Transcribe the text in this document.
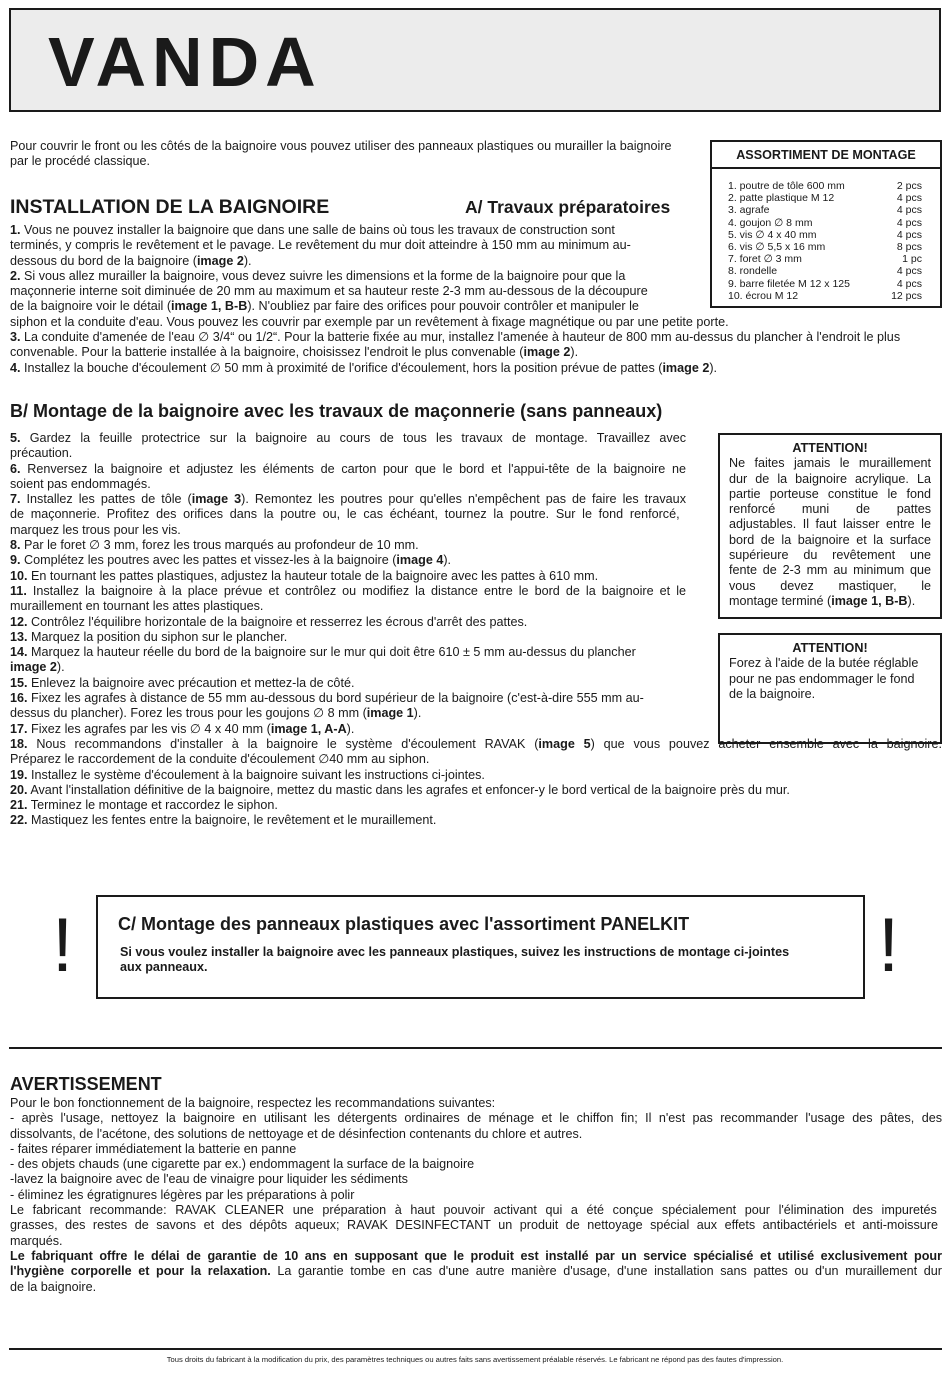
VANDA

Pour couvrir le front ou les côtés de la baignoire vous pouvez utiliser des panneaux plastiques ou murailler la baignoire par le procédé classique.	ASSORTIMENT DE MONTAGE
1. poutre de tôle 600 mm	2 pcs
2. patte plastique M 12	4 pcs
3. agrafe	4 pcs
4. goujon ∅ 8 mm	4 pcs
5. vis ∅ 4 x 40 mm	4 pcs
6. vis ∅ 5,5 x 16 mm	8 pcs
7. foret ∅ 3 mm	1 pc
8. rondelle	4 pcs
9. barre filetée M 12 x 125	4 pcs
10. écrou M 12	12 pcs
INSTALLATION DE LA BAIGNOIRE	A/ Travaux préparatoires
1. Vous ne pouvez installer la baignoire que dans une salle de bains où tous les travaux de construction sont
terminés, y compris le revêtement et le pavage. Le revêtement du mur doit atteindre à 150 mm au minimum au-
dessous du bord de la baignoire (image 2).
2. Si vous allez murailler la baignoire, vous devez suivre les dimensions et la forme de la baignoire pour que la
maçonnerie interne soit diminuée de 20 mm au maximum et sa hauteur reste 2-3 mm au-dessous de la découpure
de la baignoire voir le détail (image 1, B-B). N'oubliez par faire des orifices pour pouvoir contrôler et manipuler le
siphon et la conduite d'eau. Vous pouvez les couvrir par exemple par un revêtement à fixage magnétique ou par une petite porte.
3. La conduite d'amenée de l'eau ∅ 3/4“ ou 1/2“. Pour la batterie fixée au mur, installez l'amenée à hauteur de 800 mm au-dessus du plancher à l'endroit le plus
convenable. Pour la batterie installée à la baignoire, choisissez l'endroit le plus convenable (image 2).
4. Installez la bouche d'écoulement ∅ 50 mm à proximité de l'orifice d'écoulement, hors la position prévue de pattes (image 2).
B/ Montage de la baignoire avec les travaux de maçonnerie (sans panneaux)
5. Gardez la feuille protectrice sur la baignoire au cours de tous les travaux de montage. Travaillez avec
précaution.
6. Renversez la baignoire et adjustez les éléments de carton pour que le bord et l'appui-tête de la baignoire ne
soient pas endommagés.
7. Installez les pattes de tôle (image 3). Remontez les poutres pour qu'elles n'empêchent pas de faire les travaux
de maçonnerie. Profitez des orifices dans la poutre ou, le cas échéant, tournez la poutre. Sur le fond renforcé,
marquez les trous pour les vis.
8. Par le foret ∅ 3 mm, forez les trous marqués au profondeur de 10 mm.
9. Complétez les poutres avec les pattes et vissez-les à la baignoire (image 4).
10. En tournant les pattes plastiques, adjustez la hauteur totale de la baignoire avec les pattes à 610 mm.
11. Installez la baignoire à la place prévue et contrôlez ou modifiez la distance entre le bord de la baignoire et le
muraillement en tournant les attes plastiques.
12. Contrôlez l'équilibre horizontale de la baignoire et resserrez les écrous d'arrêt des pattes.
13. Marquez la position du siphon sur le plancher.
14. Marquez la hauteur réelle du bord de la baignoire sur le mur qui doit être 610 ± 5 mm au-dessus du plancher
image 2).
15. Enlevez la baignoire avec précaution et mettez-la de côté.
16. Fixez les agrafes à distance de 55 mm au-dessous du bord supérieur de la baignoire (c'est-à-dire 555 mm au-
dessus du plancher). Forez les trous pour les goujons ∅ 8 mm (image 1).
17. Fixez les agrafes par les vis ∅ 4 x 40 mm (image 1, A-A).
18. Nous recommandons d'installer à la baignoire le système d'écoulement RAVAK (image 5) que vous pouvez acheter ensemble avec la baignoire.
Préparez le raccordement de la conduite d'écoulement ∅40 mm au siphon.
19. Installez le système d'écoulement à la baignoire suivant les instructions ci-jointes.
20. Avant l'installation définitive de la baignoire, mettez du mastic dans les agrafes et enfoncer-y le bord vertical de la baignoire près du mur.
21. Terminez le montage et raccordez le siphon.
22. Mastiquez les fentes entre la baignoire, le revêtement et le muraillement.
ATTENTION!
Ne faites jamais le muraillement
dur de la baignoire acrylique. La
partie porteuse constitue le fond
renforcé muni de pattes
adjustables. Il faut laisser entre le
bord de la baignoire et la surface
supérieure du revêtement une
fente de 2-3 mm au minimum que
vous devez mastiquer, le
montage terminé (image 1, B-B).
ATTENTION!
Forez à l'aide de la butée réglable
pour ne pas endommager le fond
de la baignoire.
! C/ Montage des panneaux plastiques avec l'assortiment PANELKIT
Si vous voulez installer la baignoire avec les panneaux plastiques, suivez les instructions de montage ci-jointes
aux panneaux.	!
AVERTISSEMENT
Pour le bon fonctionnement de la baignoire, respectez les recommandations suivantes:
- après l'usage, nettoyez la baignoire en utilisant les détergents ordinaires de ménage et le chiffon fin; Il n'est pas recommander l'usage des pâtes, des
dissolvants, de l'acétone, des solutions de nettoyage et de désinfection contenants du chlore et autres.
- faites réparer immédiatement la batterie en panne
- des objets chauds (une cigarette par ex.) endommagent la surface de la baignoire
-lavez la baignoire avec de l'eau de vinaigre pour liquider les sédiments
- éliminez les égratignures légères par les préparations à polir
Le fabricant recommande: RAVAK CLEANER une préparation à haut pouvoir activant qui a été conçue spécialement pour l'élimination des impuretés
grasses, des restes de savons et des dépôts aqueux; RAVAK DESINFECTANT un produit de nettoyage spécial aux effets antibactériels et anti-moissure
marqués.
Le fabriquant offre le délai de garantie de 10 ans en supposant que le produit est installé par un service spécialisé et utilisé exclusivement pour
l'hygiène corporelle et pour la relaxation. La garantie tombe en cas d'une autre manière d'usage, d'une installation sans pattes ou d'un muraillement dur
de la baignoire.
Tous droits du fabricant à la modification du prix, des paramètres techniques ou autres faits sans avertissement préalable réservés. Le fabricant ne répond pas des fautes d'impression.
